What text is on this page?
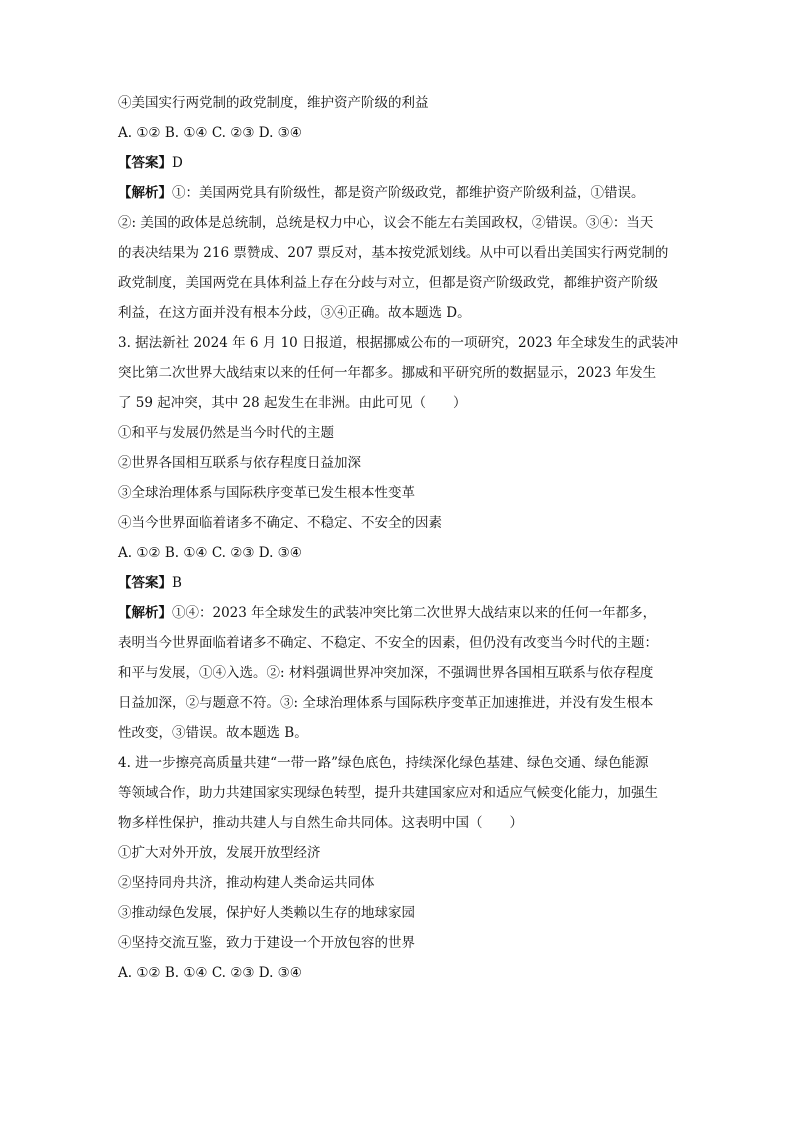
④美国实行两党制的政党制度，维护资产阶级的利益

A. ①② B. ①④ C. ②③ D. ③④

【答案】D

【解析】①：美国两党具有阶级性，都是资产阶级政党，都维护资产阶级利益，①错误。

②: 美国的政体是总统制，总统是权力中心，议会不能左右美国政权，②错误。③④：当天

的表决结果为 216 票赞成、207 票反对，基本按党派划线。从中可以看出美国实行两党制的

政党制度，美国两党在具体利益上存在分歧与对立，但都是资产阶级政党，都维护资产阶级

利益，在这方面并没有根本分歧，③④正确。故本题选 D。

3. 据法新社 2024 年 6 月 10 日报道，根据挪威公布的一项研究，2023 年全球发生的武装冲

突比第二次世界大战结束以来的任何一年都多。挪威和平研究所的数据显示，2023 年发生

了 59 起冲突，其中 28 起发生在非洲。由此可见（　　）

①和平与发展仍然是当今时代的主题

②世界各国相互联系与依存程度日益加深

③全球治理体系与国际秩序变革已发生根本性变革

④当今世界面临着诸多不确定、不稳定、不安全的因素

A. ①② B. ①④ C. ②③ D. ③④

【答案】B

【解析】①④：2023 年全球发生的武装冲突比第二次世界大战结束以来的任何一年都多，

表明当今世界面临着诸多不确定、不稳定、不安全的因素，但仍没有改变当今时代的主题：

和平与发展，①④入选。②: 材料强调世界冲突加深，不强调世界各国相互联系与依存程度

日益加深，②与题意不符。③: 全球治理体系与国际秩序变革正加速推进，并没有发生根本

性改变，③错误。故本题选 B。

4. 进一步擦亮高质量共建“一带一路”绿色底色，持续深化绿色基建、绿色交通、绿色能源

等领域合作，助力共建国家实现绿色转型，提升共建国家应对和适应气候变化能力，加强生

物多样性保护，推动共建人与自然生命共同体。这表明中国（　　）

①扩大对外开放，发展开放型经济

②坚持同舟共济，推动构建人类命运共同体

③推动绿色发展，保护好人类赖以生存的地球家园

④坚持交流互鉴，致力于建设一个开放包容的世界

A. ①② B. ①④ C. ②③ D. ③④
